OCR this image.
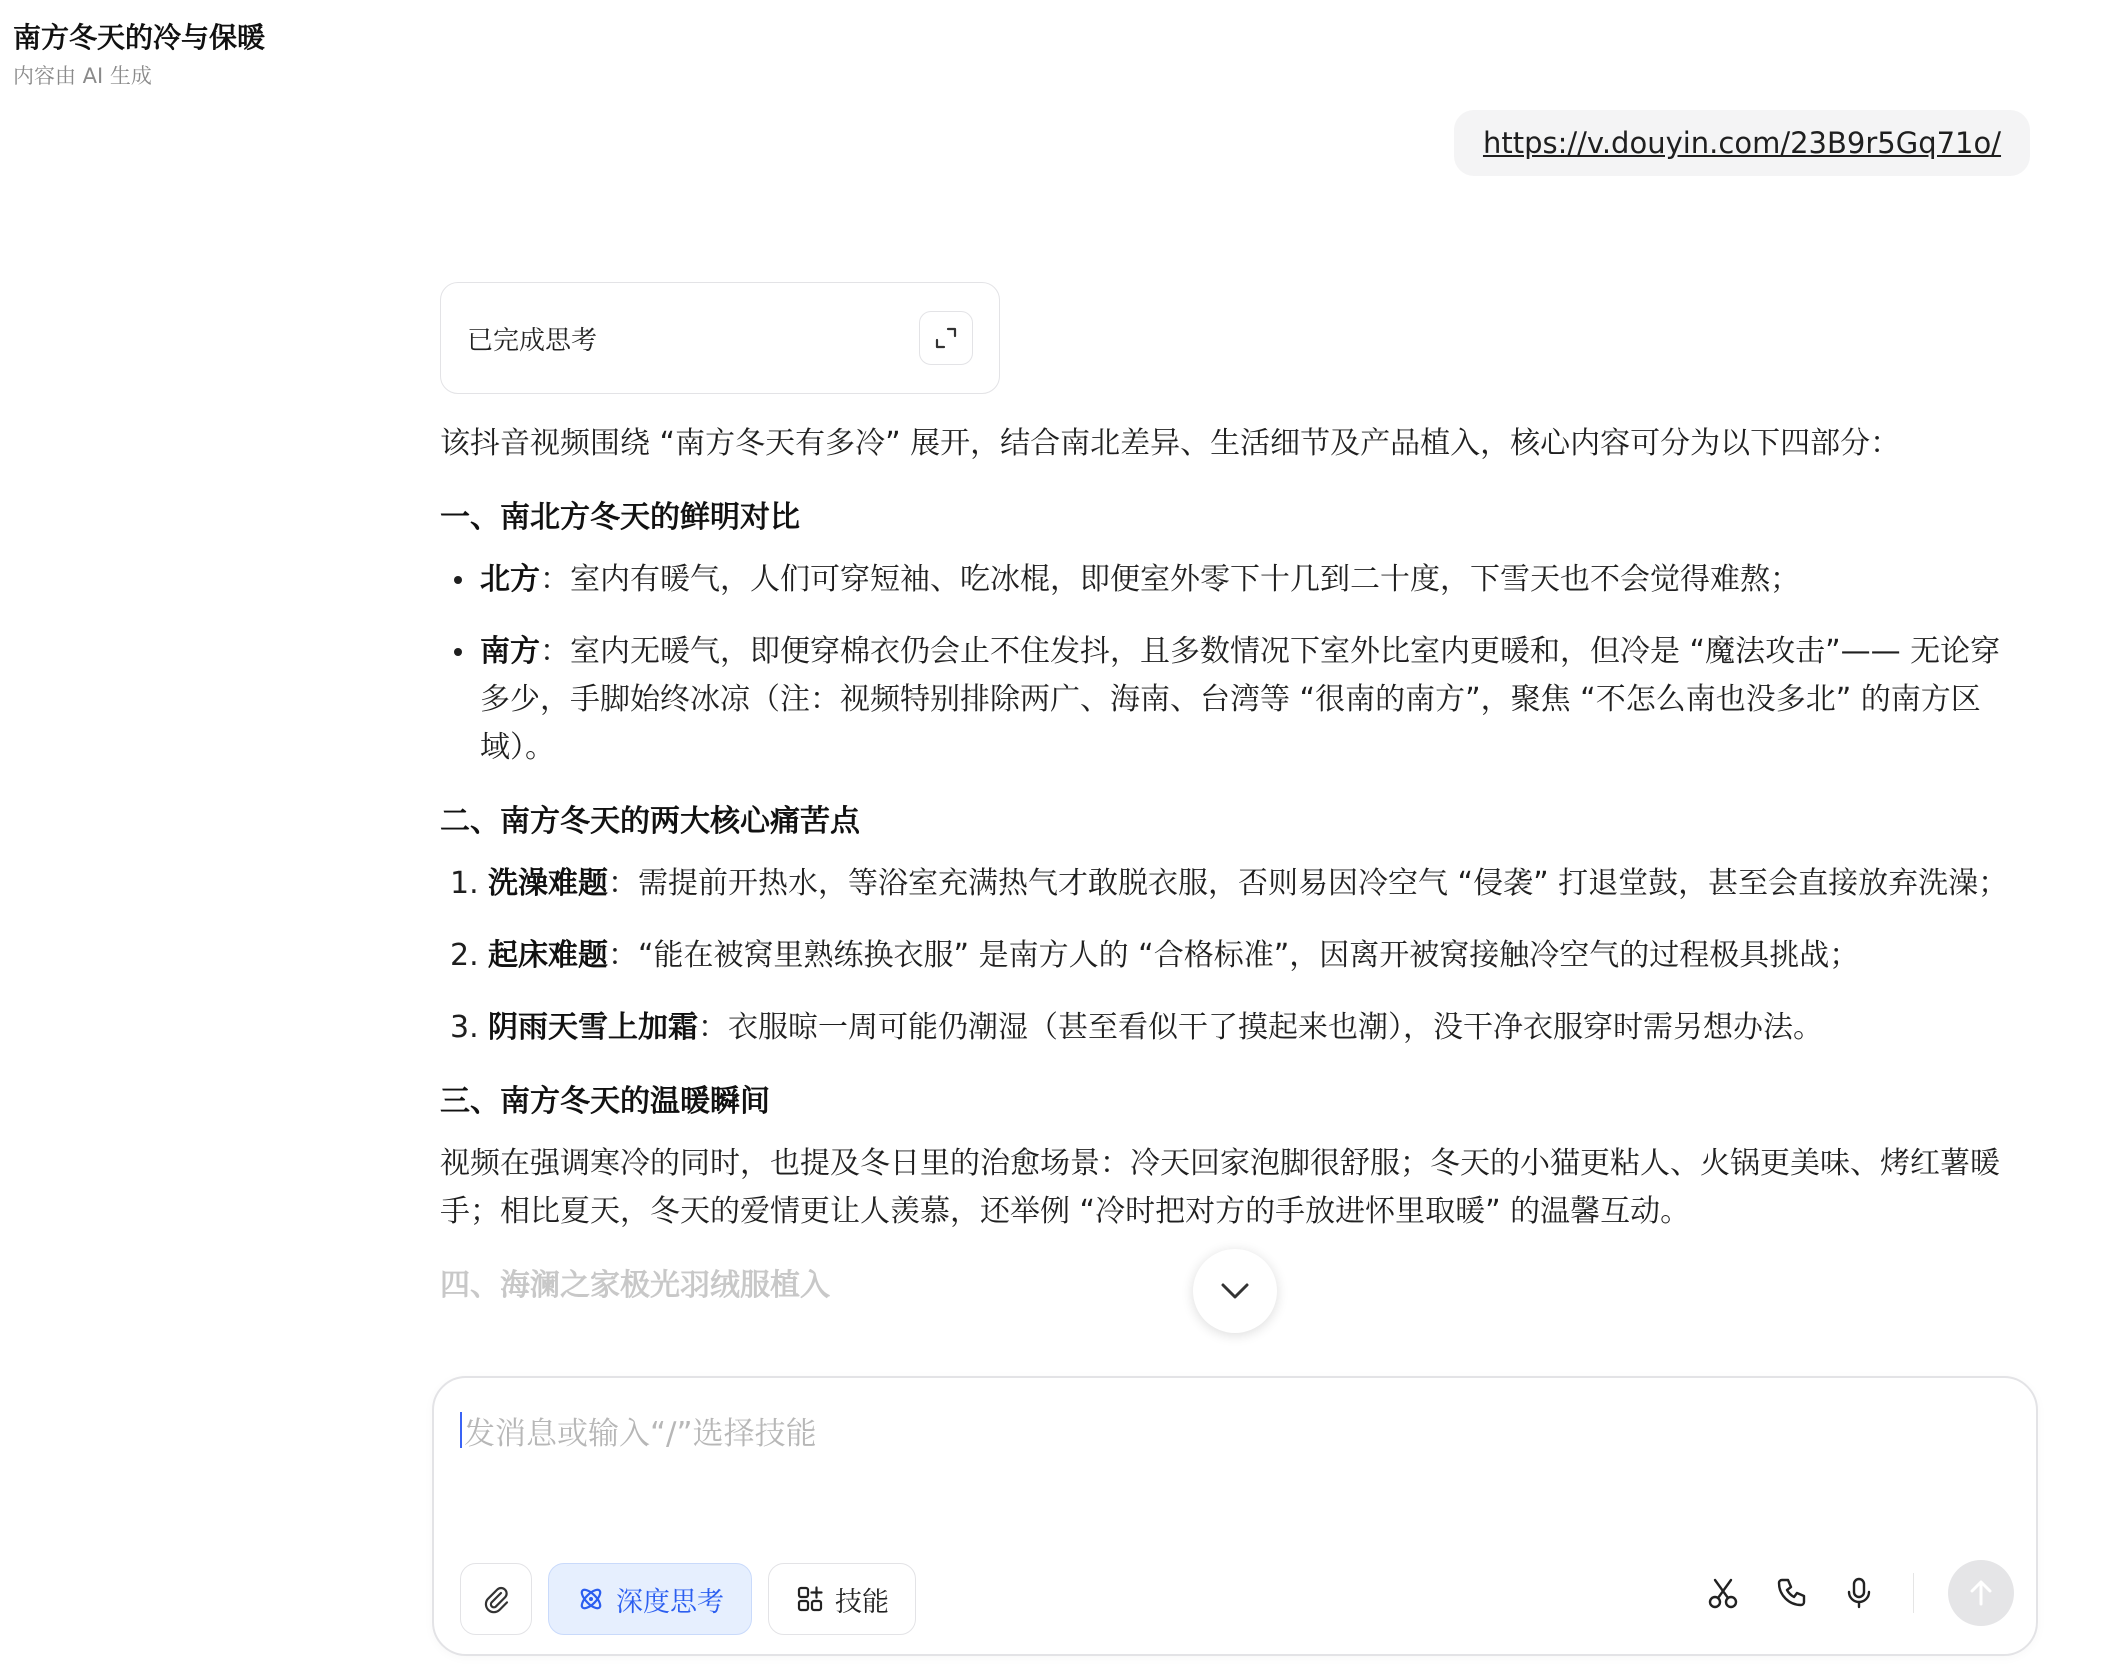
南方冬天的冷与保暖
内容由 AI 生成
https://v.douyin.com/23B9r5Gq71o/
已完成思考

该抖音视频围绕 “南方冬天有多冷” 展开，结合南北差异、生活细节及产品植入，核心内容可分为以下四部分：

一、南北方冬天的鲜明对比
北方：室内有暖气，人们可穿短袖、吃冰棍，即便室外零下十几到二十度，下雪天也不会觉得难熬；
南方：室内无暖气，即便穿棉衣仍会止不住发抖，且多数情况下室外比室内更暖和，但冷是 “魔法攻击”—— 无论穿多少，手脚始终冰凉（注：视频特别排除两广、海南、台湾等 “很南的南方”，聚焦 “不怎么南也没多北” 的南方区域）。
二、南方冬天的两大核心痛苦点
1. 洗澡难题：需提前开热水，等浴室充满热气才敢脱衣服，否则易因冷空气 “侵袭” 打退堂鼓，甚至会直接放弃洗澡；
2. 起床难题：“能在被窝里熟练换衣服” 是南方人的 “合格标准”，因离开被窝接触冷空气的过程极具挑战；
3. 阴雨天雪上加霜：衣服晾一周可能仍潮湿（甚至看似干了摸起来也潮），没干净衣服穿时需另想办法。
三、南方冬天的温暖瞬间

视频在强调寒冷的同时，也提及冬日里的治愈场景：冷天回家泡脚很舒服；冬天的小猫更粘人、火锅更美味、烤红薯暖手；相比夏天，冬天的爱情更让人羡慕，还举例 “冷时把对方的手放进怀里取暖” 的温馨互动。

四、海澜之家极光羽绒服植入
发消息或输入“/”选择技能
深度思考	技能
